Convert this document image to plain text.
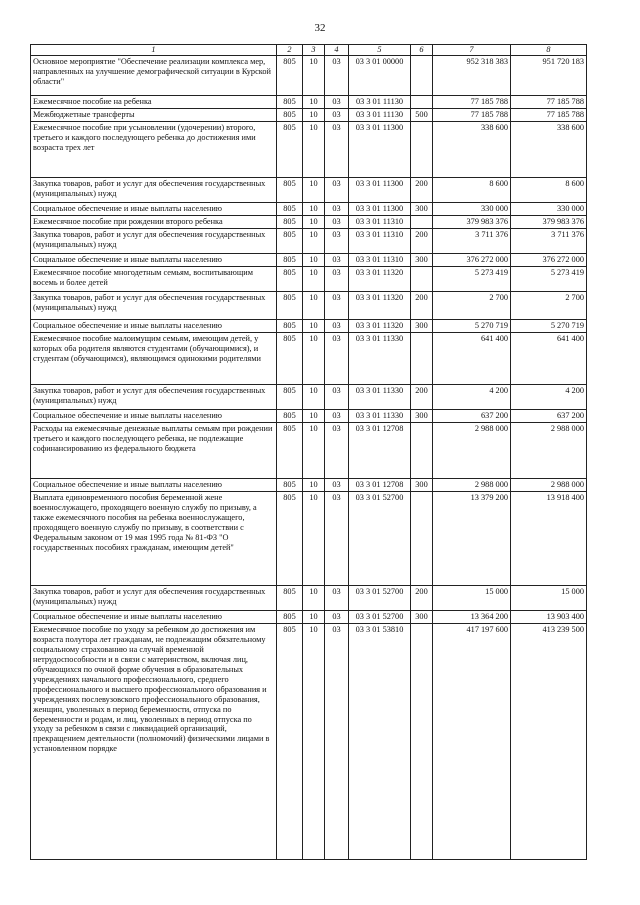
32
1	2	3	4	5	6	7	8
Основное мероприятие "Обеспечение реализации комплекса мер, направленных на улучшение демографической ситуации в Курской области"	805	10	03	03 3 01 00000		952 318 383	951 720 183
Ежемесячное пособие на ребенка	805	10	03	03 3 01 11130		77 185 788	77 185 788
Межбюджетные трансферты	805	10	03	03 3 01 11130	500	77 185 788	77 185 788
Ежемесячное пособие при усыновлении (удочерении) второго, третьего и каждого последующего ребенка до достижения ими возраста трех лет	805	10	03	03 3 01 11300		338 600	338 600
Закупка товаров, работ и услуг для обеспечения государственных (муниципальных) нужд	805	10	03	03 3 01 11300	200	8 600	8 600
Социальное обеспечение и иные выплаты населению	805	10	03	03 3 01 11300	300	330 000	330 000
Ежемесячное пособие при рождении второго ребенка	805	10	03	03 3 01 11310		379 983 376	379 983 376
Закупка товаров, работ и услуг для обеспечения государственных (муниципальных) нужд	805	10	03	03 3 01 11310	200	3 711 376	3 711 376
Социальное обеспечение и иные выплаты населению	805	10	03	03 3 01 11310	300	376 272 000	376 272 000
Ежемесячное пособие многодетным семьям, воспитывающим восемь и более детей	805	10	03	03 3 01 11320		5 273 419	5 273 419
Закупка товаров, работ и услуг для обеспечения государственных (муниципальных) нужд	805	10	03	03 3 01 11320	200	2 700	2 700
Социальное обеспечение и иные выплаты населению	805	10	03	03 3 01 11320	300	5 270 719	5 270 719
Ежемесячное пособие малоимущим семьям, имеющим детей, у которых оба родителя являются студентами (обучающимися), и студентам (обучающимся), являющимся одинокими родителями	805	10	03	03 3 01 11330		641 400	641 400
Закупка товаров, работ и услуг для обеспечения государственных (муниципальных) нужд	805	10	03	03 3 01 11330	200	4 200	4 200
Социальное обеспечение и иные выплаты населению	805	10	03	03 3 01 11330	300	637 200	637 200
Расходы на ежемесячные денежные выплаты семьям при рождении третьего и каждого последующего ребенка, не подлежащие софинансированию из федерального бюджета	805	10	03	03 3 01 12708		2 988 000	2 988 000
Социальное обеспечение и иные выплаты населению	805	10	03	03 3 01 12708	300	2 988 000	2 988 000
Выплата единовременного пособия беременной жене военнослужащего, проходящего военную службу по призыву, а также ежемесячного пособия на ребенка военнослужащего, проходящего военную службу по призыву, в соответствии с Федеральным законом от 19 мая 1995 года № 81-ФЗ "О государственных пособиях гражданам, имеющим детей"	805	10	03	03 3 01 52700		13 379 200	13 918 400
Закупка товаров, работ и услуг для обеспечения государственных (муниципальных) нужд	805	10	03	03 3 01 52700	200	15 000	15 000
Социальное обеспечение и иные выплаты населению	805	10	03	03 3 01 52700	300	13 364 200	13 903 400
Ежемесячное пособие по уходу за ребенком до достижения им возраста полутора лет гражданам, не подлежащим обязательному социальному страхованию на случай временной нетрудоспособности и в связи с материнством, включая лиц, обучающихся по очной форме обучения в образовательных учреждениях начального профессионального, среднего профессионального и высшего профессионального образования и учреждениях послевузовского профессионального образования, женщин, уволенных в период беременности, отпуска по беременности и родам, и лиц, уволенных в период отпуска по уходу за ребенком в связи с ликвидацией организаций, прекращением деятельности (полномочий) физическими лицами в установленном порядке	805	10	03	03 3 01 53810		417 197 600	413 239 500
